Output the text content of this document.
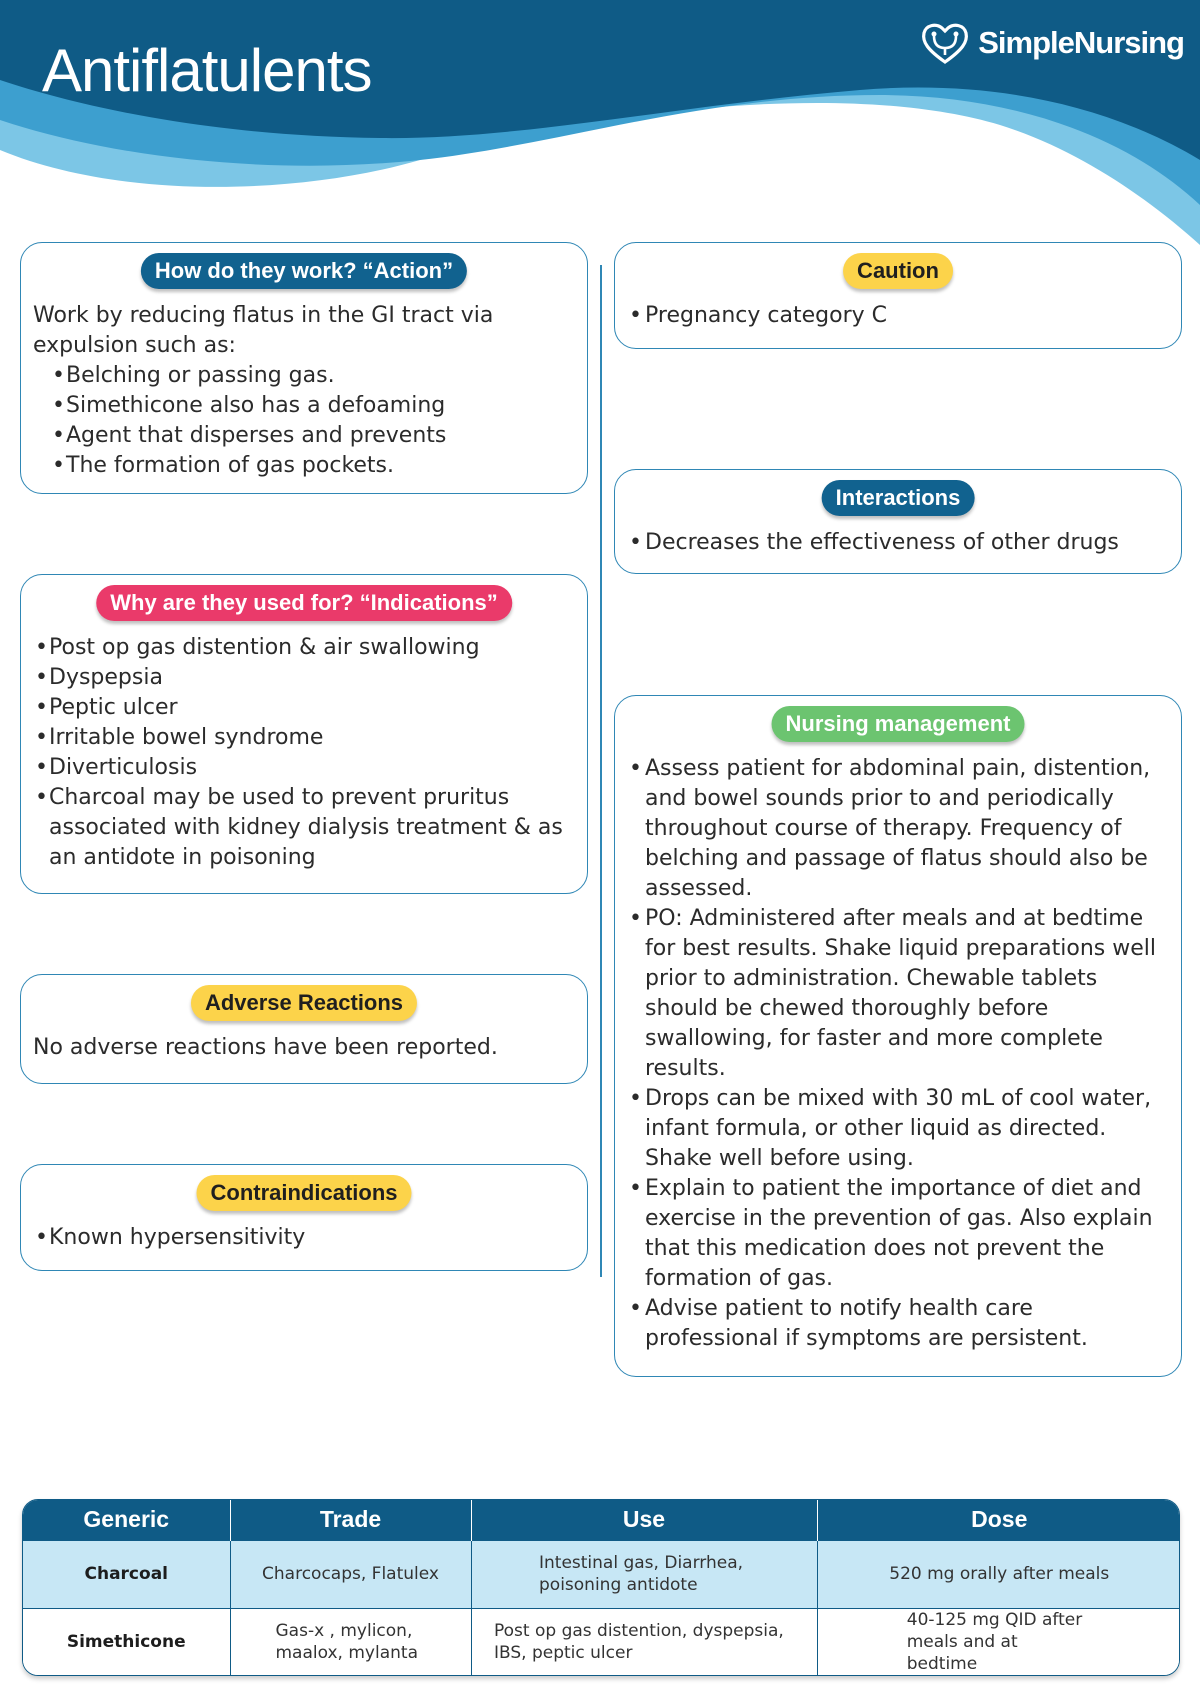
Antiflatulents	SimpleNursing
How do they work? “Action”
Work by reducing flatus in the GI tract via expulsion such as:
• Belching or passing gas.
• Simethicone also has a defoaming
• Agent that disperses and prevents
• The formation of gas pockets.
Why are they used for? “Indications”
• Post op gas distention & air swallowing
• Dyspepsia
• Peptic ulcer
• Irritable bowel syndrome
• Diverticulosis
• Charcoal may be used to prevent pruritus associated with kidney dialysis treatment & as an antidote in poisoning
Adverse Reactions
No adverse reactions have been reported.
Contraindications
• Known hypersensitivity
Caution
• Pregnancy category C
Interactions
• Decreases the effectiveness of other drugs
Nursing management
• Assess patient for abdominal pain, distention, and bowel sounds prior to and periodically throughout course of therapy. Frequency of belching and passage of flatus should also be assessed.
• PO: Administered after meals and at bedtime for best results. Shake liquid preparations well prior to administration. Chewable tablets should be chewed thoroughly before swallowing, for faster and more complete results.
• Drops can be mixed with 30 mL of cool water, infant formula, or other liquid as directed. Shake well before using.
• Explain to patient the importance of diet and exercise in the prevention of gas. Also explain that this medication does not prevent the formation of gas.
• Advise patient to notify health care professional if symptoms are persistent.
Generic	Trade	Use	Dose
Charcoal	Charcocaps, Flatulex	Intestinal gas, Diarrhea, poisoning antidote	520 mg orally after meals
Simethicone	Gas-x , mylicon, maalox, mylanta	Post op gas distention, dyspepsia, IBS, peptic ulcer	40-125 mg QID after meals and at bedtime
